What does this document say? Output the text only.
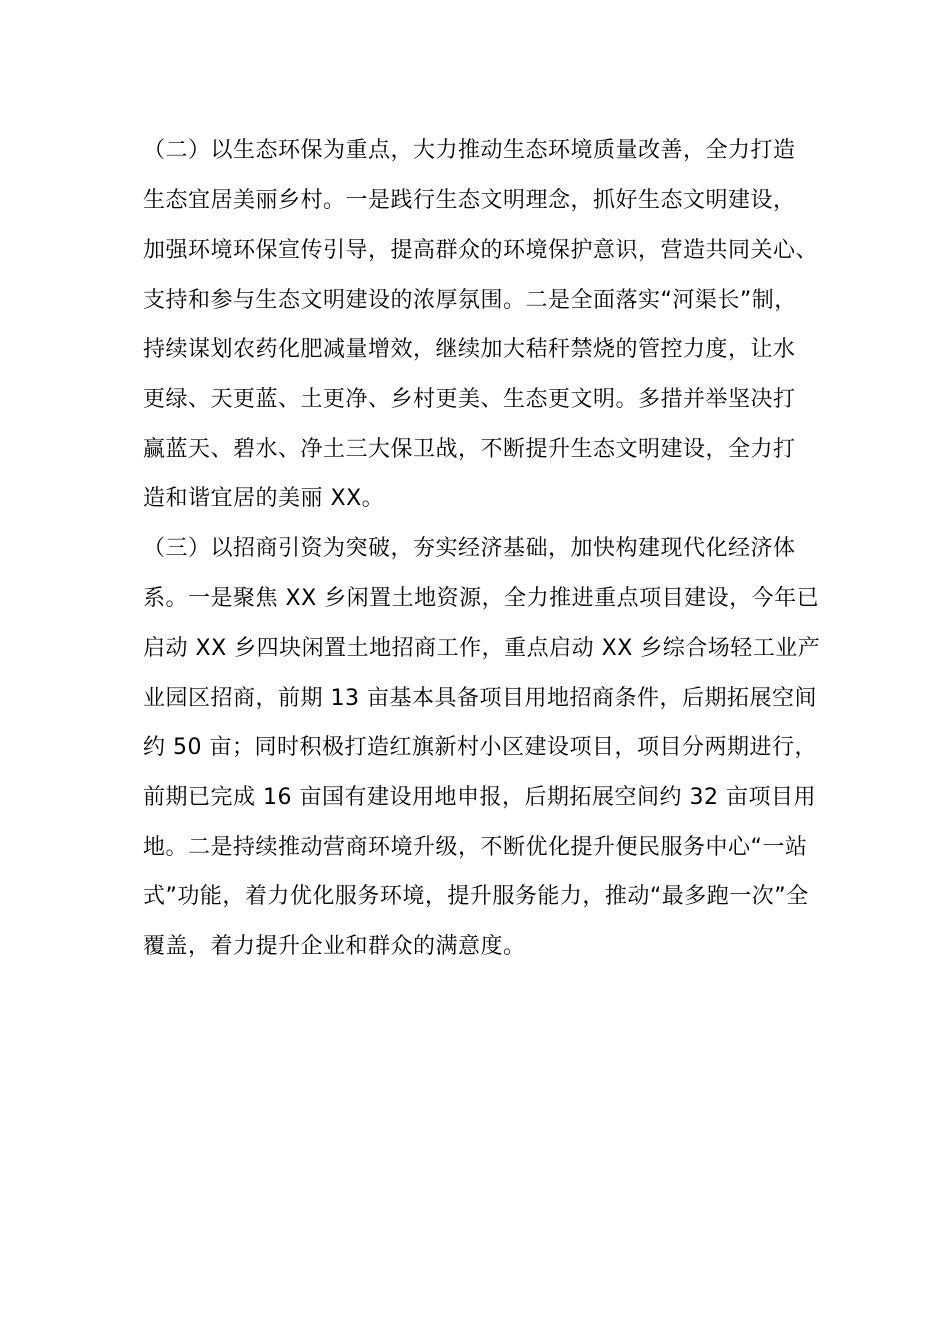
（二）以生态环保为重点，大力推动生态环境质量改善，全力打造
生态宜居美丽乡村。一是践行生态文明理念，抓好生态文明建设，
加强环境环保宣传引导，提高群众的环境保护意识，营造共同关心、
支持和参与生态文明建设的浓厚氛围。二是全面落实“河渠长”制，
持续谋划农药化肥减量增效，继续加大秸秆禁烧的管控力度，让水
更绿、天更蓝、土更净、乡村更美、生态更文明。多措并举坚决打
赢蓝天、碧水、净土三大保卫战，不断提升生态文明建设，全力打
造和谐宜居的美丽 XX。
（三）以招商引资为突破，夯实经济基础，加快构建现代化经济体
系。一是聚焦 XX 乡闲置土地资源，全力推进重点项目建设，今年已
启动 XX 乡四块闲置土地招商工作，重点启动 XX 乡综合场轻工业产
业园区招商，前期 13 亩基本具备项目用地招商条件，后期拓展空间
约 50 亩；同时积极打造红旗新村小区建设项目，项目分两期进行，
前期已完成 16 亩国有建设用地申报，后期拓展空间约 32 亩项目用
地。二是持续推动营商环境升级，不断优化提升便民服务中心“一站
式”功能，着力优化服务环境，提升服务能力，推动“最多跑一次”全
覆盖，着力提升企业和群众的满意度。
